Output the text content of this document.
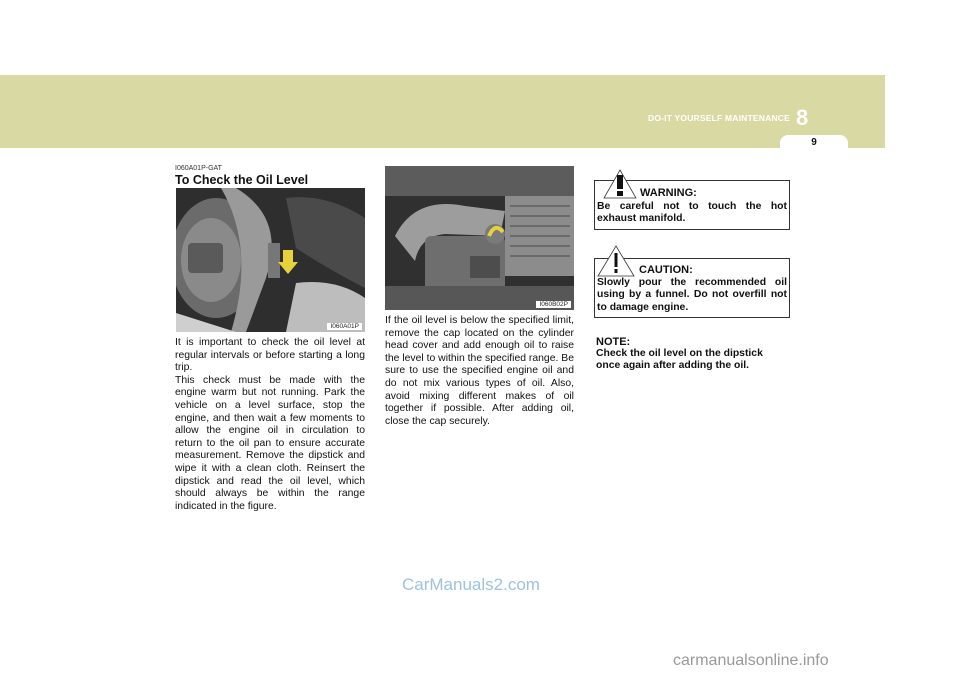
DO-IT YOURSELF MAINTENANCE 8
9
I060A01P-GAT
To Check the Oil Level
I060A01P

It is important to check the oil level at regular intervals or before starting a long trip.

This check must be made with the engine warm but not running. Park the vehicle on a level surface, stop the engine, and then wait a few moments to allow the engine oil in circulation to return to the oil pan to ensure accurate measurement. Remove the dipstick and wipe it with a clean cloth. Reinsert the dipstick and read the oil level, which should always be within the range indicated in the figure.

I060B02P

If the oil level is below the specified limit, remove the cap located on the cylinder head cover and add enough oil to raise the level to within the specified range. Be sure to use the specified engine oil and do not mix various types of oil. Also, avoid mixing different makes of oil together if possible. After adding oil, close the cap securely.

WARNING:
Be careful not to touch the hot exhaust manifold.
CAUTION:
Slowly pour the recommended oil using by a funnel. Do not overfill not to damage engine.
NOTE:
Check the oil level on the dipstick once again after adding the oil.
CarManuals2.com
carmanualsonline.info
